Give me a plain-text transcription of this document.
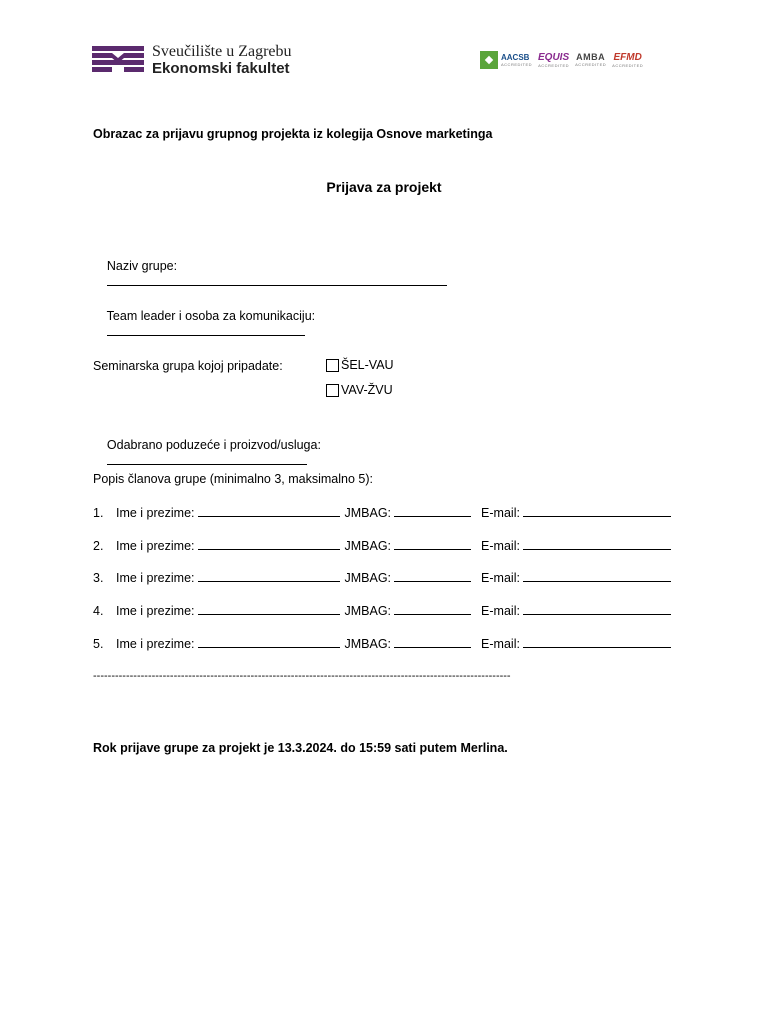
Sveučilište u Zagrebu
Ekonomski fakultet
AACSB
ACCREDITED
EQUIS
ACCREDITED
AMBA
ACCREDITED
EFMD
ACCREDITED
Obrazac za prijavu grupnog projekta iz kolegija Osnove marketinga
Prijava za projekt

Naziv grupe:

Team leader i osoba za komunikaciju:

Seminarska grupa kojoj pripadate:	ŠEL-VAU
VAV-ŽVU

Odabrano poduzeće i proizvod/usluga:

Popis članova grupe (minimalno 3, maksimalno 5):
1.	Ime i prezime:	JMBAG:	E-mail:
2.	Ime i prezime:	JMBAG:	E-mail:
3.	Ime i prezime:	JMBAG:	E-mail:
4.	Ime i prezime:	JMBAG:	E-mail:
5.	Ime i prezime:	JMBAG:	E-mail:
------------------------------------------------------------------------------------------------------------------
Rok prijave grupe za projekt je 13.3.2024. do 15:59 sati putem Merlina.
